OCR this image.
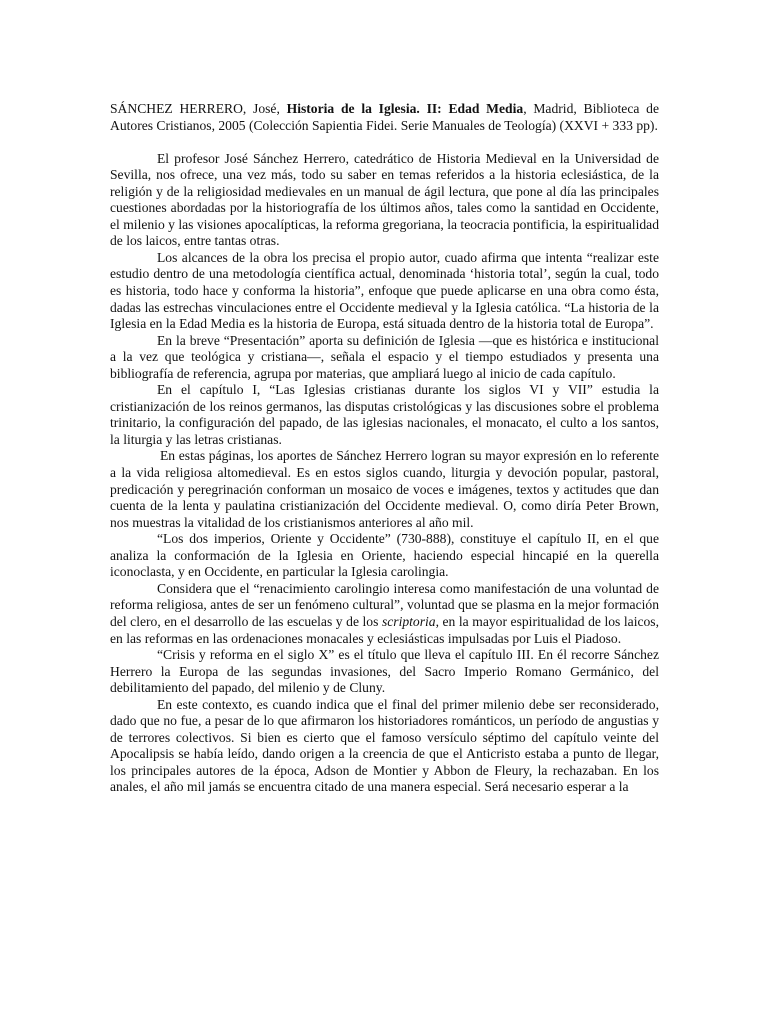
SÁNCHEZ HERRERO, José, Historia de la Iglesia. II: Edad Media, Madrid, Biblioteca de Autores Cristianos, 2005 (Colección Sapientia Fidei. Serie Manuales de Teología) (XXVI + 333 pp).

El profesor José Sánchez Herrero, catedrático de Historia Medieval en la Universidad de Sevilla, nos ofrece, una vez más, todo su saber en temas referidos a la historia eclesiástica, de la religión y de la religiosidad medievales en un manual de ágil lectura, que pone al día las principales cuestiones abordadas por la historiografía de los últimos años, tales como la santidad en Occidente, el milenio y las visiones apocalípticas, la reforma gregoriana, la teocracia pontificia, la espiritualidad de los laicos, entre tantas otras.

Los alcances de la obra los precisa el propio autor, cuado afirma que intenta “realizar este estudio dentro de una metodología científica actual, denominada ‘historia total’, según la cual, todo es historia, todo hace y conforma la historia”, enfoque que puede aplicarse en una obra como ésta, dadas las estrechas vinculaciones entre el Occidente medieval y la Iglesia católica. “La historia de la Iglesia en la Edad Media es la historia de Europa, está situada dentro de la historia total de Europa”.

En la breve “Presentación” aporta su definición de Iglesia —que es histórica e institucional a la vez que teológica y cristiana—, señala el espacio y el tiempo estudiados y presenta una bibliografía de referencia, agrupa por materias, que ampliará luego al inicio de cada capítulo.

En el capítulo I, “Las Iglesias cristianas durante los siglos VI y VII” estudia la cristianización de los reinos germanos, las disputas cristológicas y las discusiones sobre el problema trinitario, la configuración del papado, de las iglesias nacionales, el monacato, el culto a los santos, la liturgia y las letras cristianas.

En estas páginas, los aportes de Sánchez Herrero logran su mayor expresión en lo referente a la vida religiosa altomedieval. Es en estos siglos cuando, liturgia y devoción popular, pastoral, predicación y peregrinación conforman un mosaico de voces e imágenes, textos y actitudes que dan cuenta de la lenta y paulatina cristianización del Occidente medieval. O, como diría Peter Brown, nos muestras la vitalidad de los cristianismos anteriores al año mil.

“Los dos imperios, Oriente y Occidente” (730-888), constituye el capítulo II, en el que analiza la conformación de la Iglesia en Oriente, haciendo especial hincapié en la querella iconoclasta, y en Occidente, en particular la Iglesia carolingia.

Considera que el “renacimiento carolingio interesa como manifestación de una voluntad de reforma religiosa, antes de ser un fenómeno cultural”, voluntad que se plasma en la mejor formación del clero, en el desarrollo de las escuelas y de los scriptoria, en la mayor espiritualidad de los laicos, en las reformas en las ordenaciones monacales y eclesiásticas impulsadas por Luis el Piadoso.

“Crisis y reforma en el siglo X” es el título que lleva el capítulo III. En él recorre Sánchez Herrero la Europa de las segundas invasiones, del Sacro Imperio Romano Germánico, del debilitamiento del papado, del milenio y de Cluny.

En este contexto, es cuando indica que el final del primer milenio debe ser reconsiderado, dado que no fue, a pesar de lo que afirmaron los historiadores románticos, un período de angustias y de terrores colectivos. Si bien es cierto que el famoso versículo séptimo del capítulo veinte del Apocalipsis se había leído, dando origen a la creencia de que el Anticristo estaba a punto de llegar, los principales autores de la época, Adson de Montier y Abbon de Fleury, la rechazaban. En los anales, el año mil jamás se encuentra citado de una manera especial. Será necesario esperar a la
